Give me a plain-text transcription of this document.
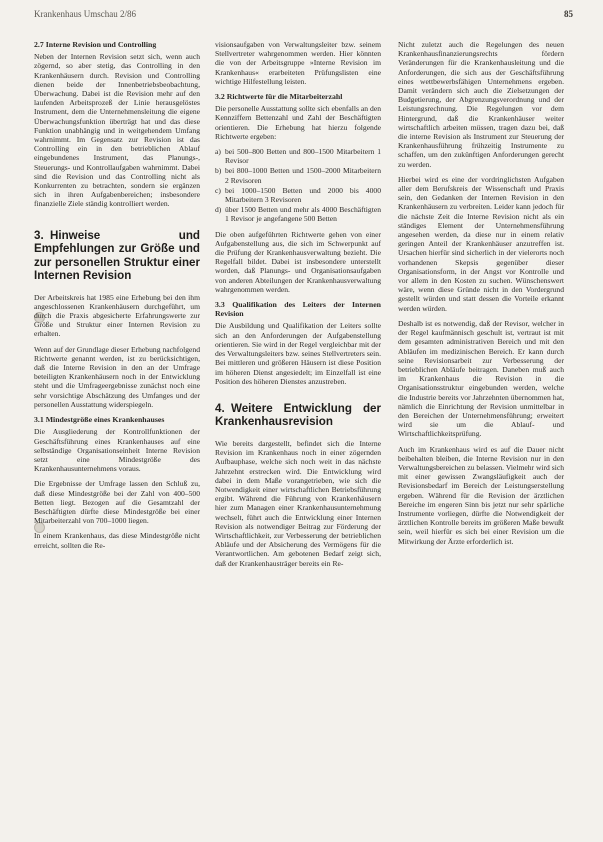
Krankenhaus Umschau 2/86	85
2.7 Interne Revision und Controlling

Neben der Internen Revision setzt sich, wenn auch zögernd, so aber stetig, das Controlling in den Krankenhäusern durch. Revision und Controlling dienen beide der Innenbetriebsbeobachtung, Überwachung. Dabei ist die Revision mehr auf den laufenden Arbeitsprozeß der Linie herausgelöstes Instrument, dem die Unternehmensleitung die eigene Überwachungsfunktion überträgt hat und das diese Funktion unabhängig und in weitgehendem Umfang wahrnimmt. Im Gegensatz zur Revision ist das Controlling ein in den betrieblichen Ablauf eingebundenes Instrument, das Planungs-, Steuerungs- und Kontrollaufgaben wahrnimmt. Dabei sind die Revision und das Controlling nicht als Konkurrenten zu betrachten, sondern sie ergänzen sich in ihren Aufgabenbereichen; insbesondere finanzielle Ziele ständig kontrolliert werden.

3. Hinweise und Empfehlungen zur Größe und zur personellen Struktur einer Internen Revision

Der Arbeitskreis hat 1985 eine Erhebung bei den ihm angeschlossenen Krankenhäusern durchgeführt, um durch die Praxis abgesicherte Erfahrungswerte zur Größe und Struktur einer Internen Revision zu erhalten.

Wenn auf der Grundlage dieser Erhebung nachfolgend Richtwerte genannt werden, ist zu berücksichtigen, daß die Interne Revision in den an der Umfrage beteiligten Krankenhäusern noch in der Entwicklung steht und die Umfrageergebnisse zunächst noch eine sehr vorsichtige Abschätzung des Umfanges und der personellen Ausstattung widerspiegeln.

3.1 Mindestgröße eines Krankenhauses

Die Ausgliederung der Kontrollfunktionen der Geschäftsführung eines Krankenhauses auf eine selbständige Organisationseinheit Interne Revision setzt eine Mindestgröße des Krankenhausunternehmens voraus.

Die Ergebnisse der Umfrage lassen den Schluß zu, daß diese Mindestgröße bei der Zahl von 400–500 Betten liegt. Bezogen auf die Gesamtzahl der Beschäftigten dürfte diese Mindestgröße bei einer Mitarbeiterzahl von 700–1000 liegen.

In einem Krankenhaus, das diese Mindestgröße nicht erreicht, sollten die Re-

visionsaufgaben von Verwaltungsleiter bzw. seinem Stellvertreter wahrgenommen werden. Hier könnten die von der Arbeitsgruppe »Interne Revision im Krankenhaus« erarbeiteten Prüfungslisten eine wichtige Hilfestellung leisten.

3.2 Richtwerte für die Mitarbeiterzahl

Die personelle Ausstattung sollte sich ebenfalls an den Kennziffern Bettenzahl und Zahl der Beschäftigten orientieren. Die Erhebung hat hierzu folgende Richtwerte ergeben:

a) bei 500–800 Betten und 800–1500 Mitarbeitern 1 Revisor
b) bei 800–1000 Betten und 1500–2000 Mitarbeitern 2 Revisoren
c) bei 1000–1500 Betten und 2000 bis 4000 Mitarbeitern 3 Revisoren
d) über 1500 Betten und mehr als 4000 Beschäftigten 1 Revisor je angefangene 500 Betten

Die oben aufgeführten Richtwerte gehen von einer Aufgabenstellung aus, die sich im Schwerpunkt auf die Prüfung der Krankenhausverwaltung bezieht. Die Regelfall bildet. Dabei ist insbesondere unterstellt worden, daß Planungs- und Organisationsaufgaben von anderen Abteilungen der Krankenhausverwaltung wahrgenommen werden.

3.3 Qualifikation des Leiters der Internen Revision

Die Ausbildung und Qualifikation der Leiters sollte sich an den Anforderungen der Aufgabenstellung orientieren. Sie wird in der Regel vergleichbar mit der des Verwaltungsleiters bzw. seines Stellvertreters sein. Bei mittleren und größeren Häusern ist diese Position im höheren Dienst angesiedelt; im Einzelfall ist eine Position des höheren Dienstes anzustreben.

4. Weitere Entwicklung der Krankenhausrevision

Wie bereits dargestellt, befindet sich die Interne Revision im Krankenhaus noch in einer zögernden Aufbauphase, welche sich noch weit in das nächste Jahrzehnt erstrecken wird. Die Entwicklung wird dabei in dem Maße vorangetrieben, wie sich die Notwendigkeit einer wirtschaftlichen Betriebsführung ergibt. Während die Führung von Krankenhäusern hier zum Managen einer Krankenhausunternehmung wechselt, führt auch die Entwicklung einer Internen Revision als notwendiger Beitrag zur Förderung der Wirtschaftlichkeit, zur Verbesserung der betrieblichen Abläufe und der Absicherung des Vermögens für die Verantwortlichen. Am gebotenen Bedarf zeigt sich, daß der Krankenhausträger bereits ein Re-

Nicht zuletzt auch die Regelungen des neuen Krankenhausfinanzierungsrechts fördern Veränderungen für die Krankenhausleitung und die Anforderungen, die sich aus der Geschäftsführung eines wettbewerbsfähigen Unternehmens ergeben. Damit verändern sich auch die Zielsetzungen der Budgetierung, der Abgrenzungsverordnung und der Leistungsrechnung. Die Regelungen vor dem Hintergrund, daß die Krankenhäuser weiter wirtschaftlich arbeiten müssen, tragen dazu bei, daß die interne Revision als Instrument zur Steuerung der Krankenhausführung frühzeitig Instrumente zu schaffen, um den zukünftigen Anforderungen gerecht zu werden.

Hierbei wird es eine der vordringlichsten Aufgaben aller dem Berufskreis der Wissenschaft und Praxis sein, den Gedanken der Internen Revision in den Krankenhäusern zu verbreiten. Leider kann jedoch für die nächste Zeit die Interne Revision nicht als ein ständiges Element der Unternehmensführung angesehen werden, da diese nur in einem relativ geringen Anteil der Krankenhäuser anzutreffen ist. Ursachen hierfür sind sicherlich in der vielerorts noch vorhandenen Skepsis gegenüber dieser Organisationsform, in der Angst vor Kontrolle und vor allem in den Kosten zu suchen. Wünschenswert wäre, wenn diese Gründe nicht in den Vordergrund gestellt würden und statt dessen die Vorteile erkannt werden würden.

Deshalb ist es notwendig, daß der Revisor, welcher in der Regel kaufmännisch geschult ist, vertraut ist mit dem gesamten administrativen Bereich und mit den Abläufen im medizinischen Bereich. Er kann durch seine Revisionsarbeit zur Verbesserung der betrieblichen Abläufe beitragen. Daneben muß auch im Krankenhaus die Revision in die Organisationsstruktur eingebunden werden, welche die Industrie bereits vor Jahrzehnten übernommen hat, nämlich die Einrichtung der Revision unmittelbar in den Bereichen der Unternehmensführung; erweitert wird sie um die Ablauf- und Wirtschaftlichkeitsprüfung.

Auch im Krankenhaus wird es auf die Dauer nicht beibehalten bleiben, die Interne Revision nur in den Verwaltungsbereichen zu belassen. Vielmehr wird sich mit einer gewissen Zwangsläufigkeit auch der Revisionsbedarf im Bereich der Leistungserstellung ergeben. Während für die Revision der ärztlichen Bereiche im engeren Sinn bis jetzt nur sehr spärliche Instrumente vorliegen, dürfte die Notwendigkeit der ärztlichen Kontrolle bereits im größeren Maße bewußt sein, weil hierfür es sich bei einer Revision um die Mitwirkung der Ärzte erforderlich ist.
